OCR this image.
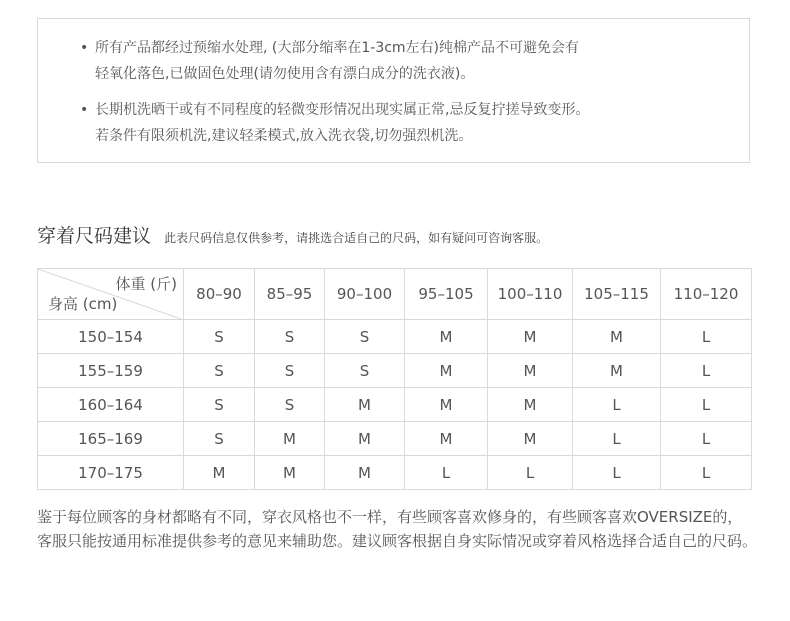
• 所有产品都经过预缩水处理, (大部分缩率在1-3cm左右)纯棉产品不可避免会有
轻氧化落色,已做固色处理(请勿使用含有漂白成分的洗衣液)。
• 长期机洗晒干或有不同程度的轻微变形情况出现实属正常,忌反复拧搓导致变形。
若条件有限须机洗,建议轻柔模式,放入洗衣袋,切勿强烈机洗。
穿着尺码建议 此表尺码信息仅供参考，请挑选合适自己的尺码，如有疑问可咨询客服。
体重 (斤)
身高 (cm)	80–90	85–95	90–100	95–105	100–110	105–115	110–120
150–154	S	S	S	M	M	M	L
155–159	S	S	S	M	M	M	L
160–164	S	S	M	M	M	L	L
165–169	S	M	M	M	M	L	L
170–175	M	M	M	L	L	L	L
鉴于每位顾客的身材都略有不同，穿衣风格也不一样，有些顾客喜欢修身的，有些顾客喜欢OVERSIZE的，客服只能按通用标准提供参考的意见来辅助您。建议顾客根据自身实际情况或穿着风格选择合适自己的尺码。
